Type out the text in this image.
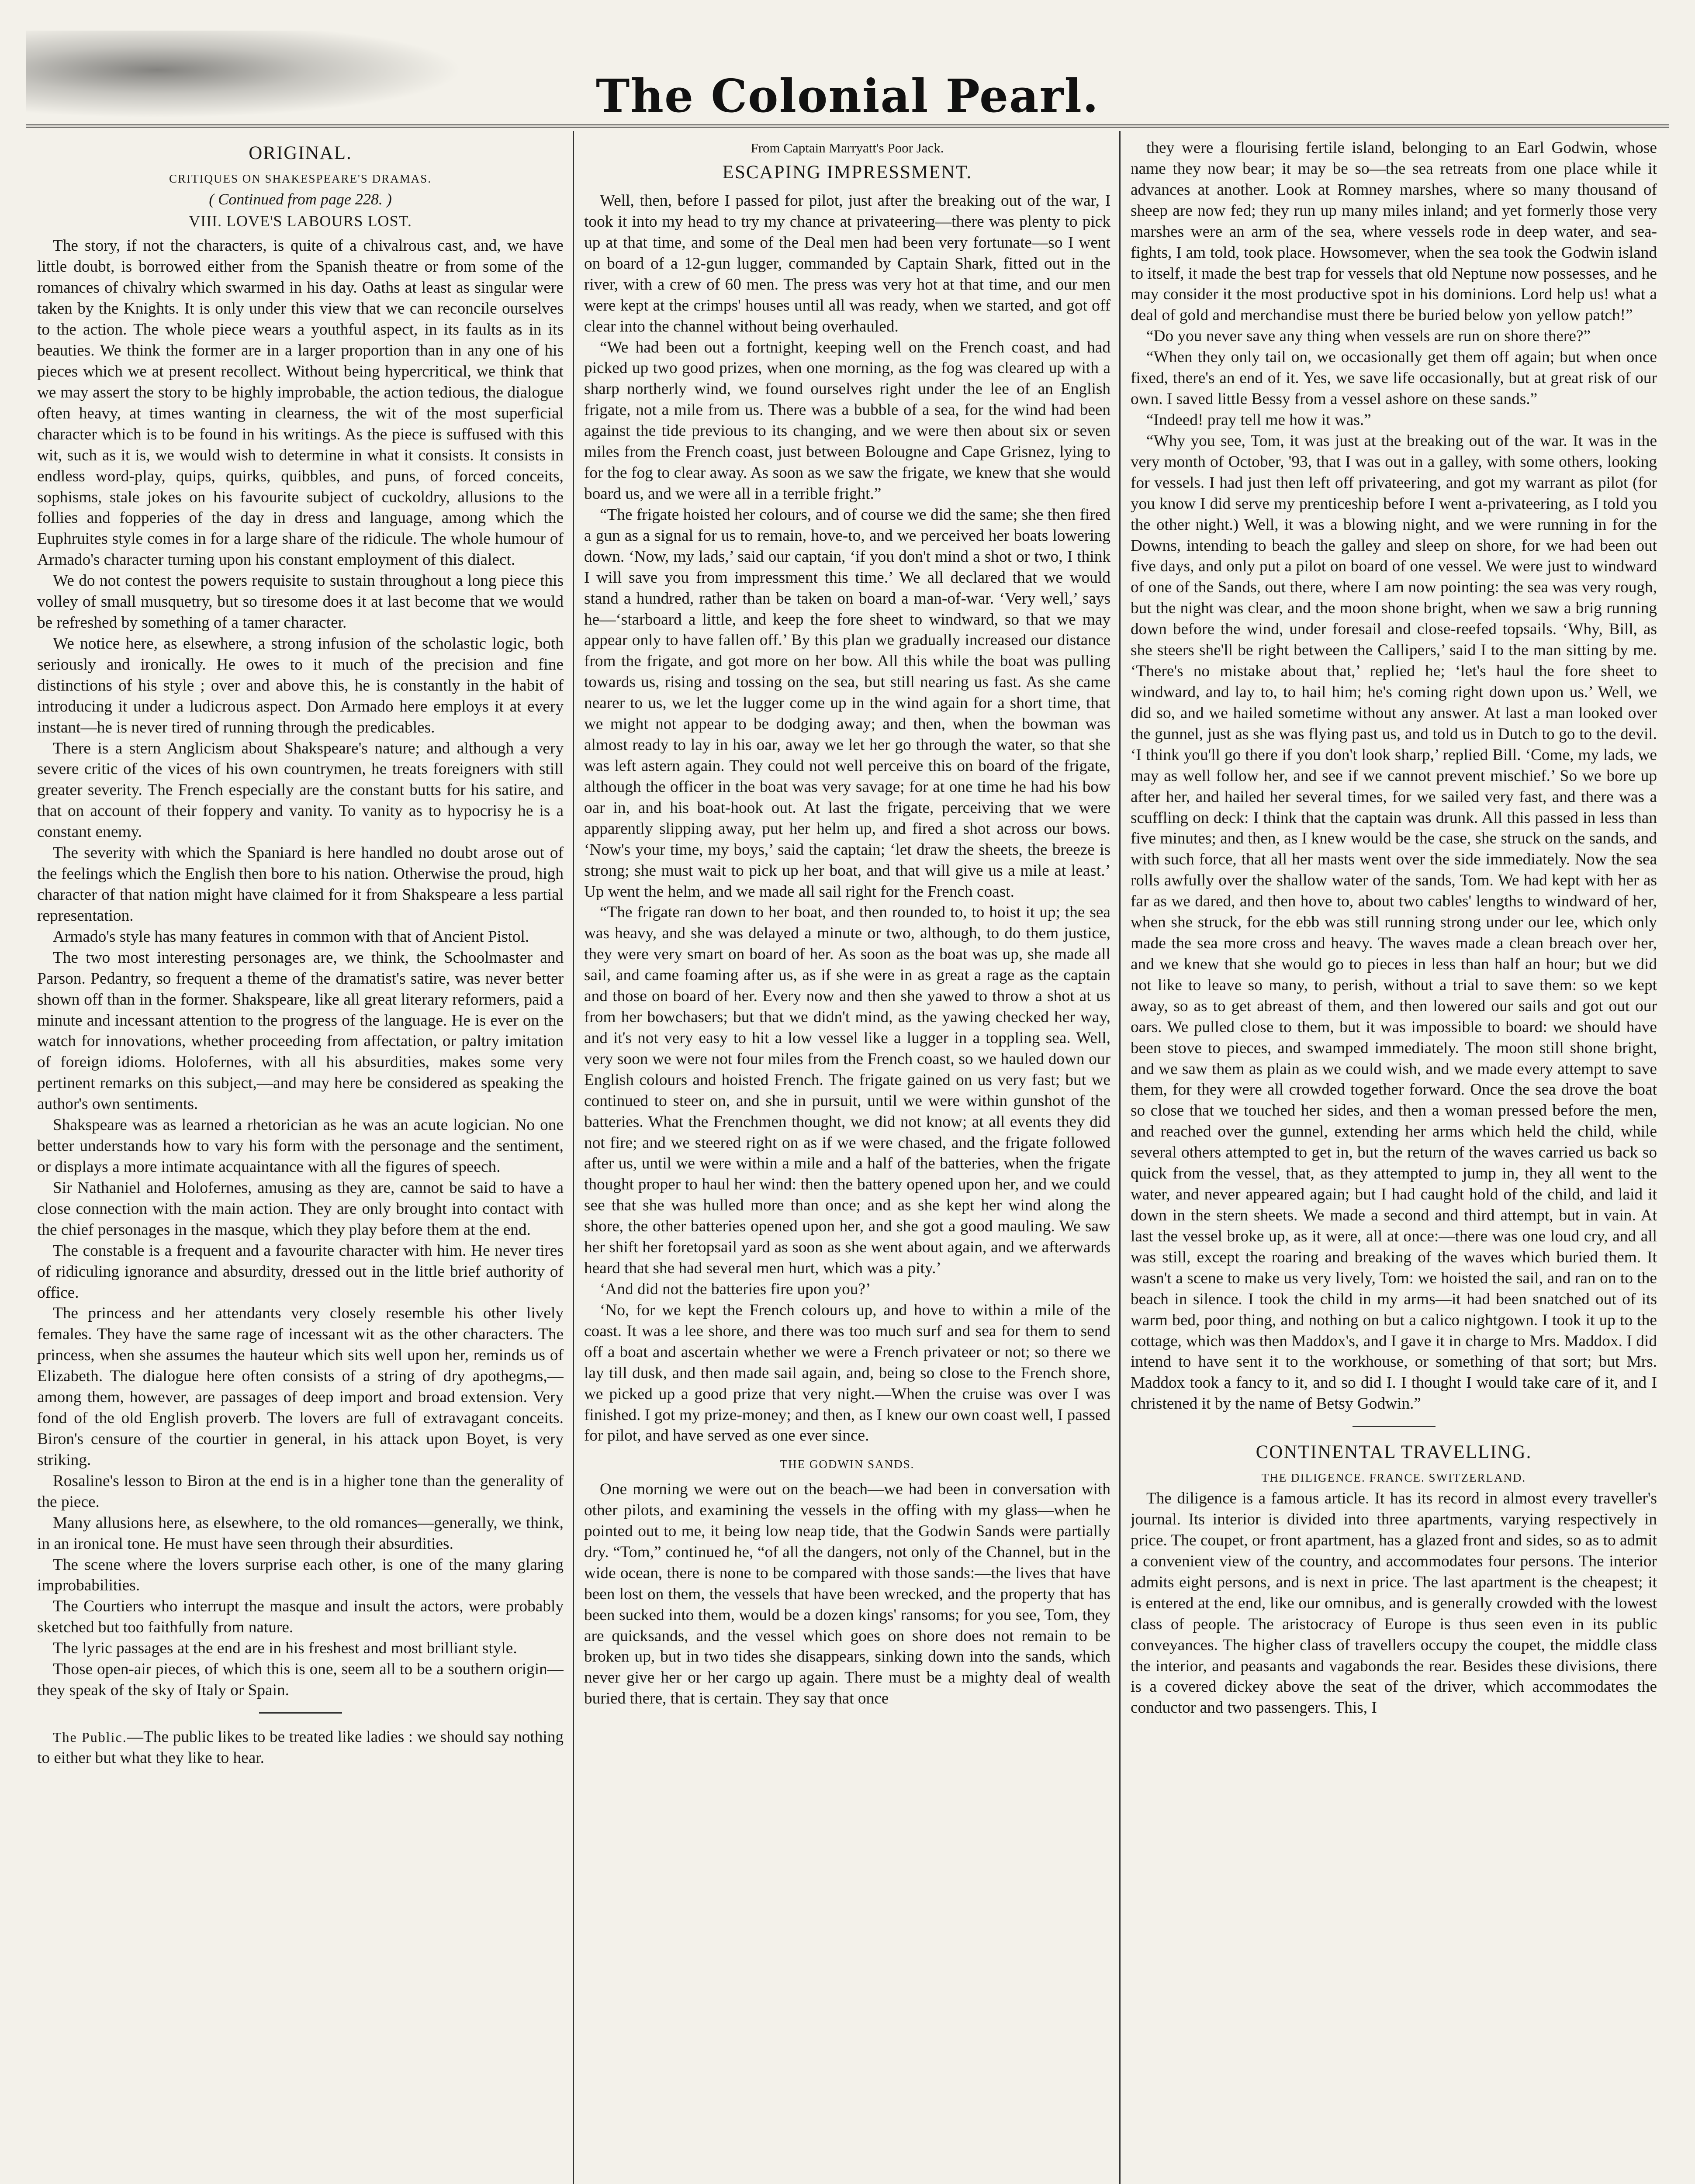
The Colonial Pearl.
ORIGINAL.
CRITIQUES ON SHAKESPEARE'S DRAMAS.
( Continued from page 228. )
VIII. LOVE'S LABOURS LOST.

The story, if not the characters, is quite of a chivalrous cast, and, we have little doubt, is borrowed either from the Spanish theatre or from some of the romances of chivalry which swarmed in his day. Oaths at least as singular were taken by the Knights. It is only under this view that we can reconcile ourselves to the action. The whole piece wears a youthful aspect, in its faults as in its beauties. We think the former are in a larger proportion than in any one of his pieces which we at present recollect. Without being hypercritical, we think that we may assert the story to be highly improbable, the action tedious, the dialogue often heavy, at times wanting in clearness, the wit of the most superficial character which is to be found in his writings. As the piece is suffused with this wit, such as it is, we would wish to determine in what it consists. It consists in endless word-play, quips, quirks, quibbles, and puns, of forced conceits, sophisms, stale jokes on his favourite subject of cuckoldry, allusions to the follies and fopperies of the day in dress and language, among which the Euphruites style comes in for a large share of the ridicule. The whole humour of Armado's character turning upon his constant employment of this dialect.

We do not contest the powers requisite to sustain throughout a long piece this volley of small musquetry, but so tiresome does it at last become that we would be refreshed by something of a tamer character.

We notice here, as elsewhere, a strong infusion of the scholastic logic, both seriously and ironically. He owes to it much of the precision and fine distinctions of his style ; over and above this, he is constantly in the habit of introducing it under a ludicrous aspect. Don Armado here employs it at every instant—he is never tired of running through the predicables.

There is a stern Anglicism about Shakspeare's nature; and although a very severe critic of the vices of his own countrymen, he treats foreigners with still greater severity. The French especially are the constant butts for his satire, and that on account of their foppery and vanity. To vanity as to hypocrisy he is a constant enemy.

The severity with which the Spaniard is here handled no doubt arose out of the feelings which the English then bore to his nation. Otherwise the proud, high character of that nation might have claimed for it from Shakspeare a less partial representation.

Armado's style has many features in common with that of Ancient Pistol.

The two most interesting personages are, we think, the Schoolmaster and Parson. Pedantry, so frequent a theme of the dramatist's satire, was never better shown off than in the former. Shakspeare, like all great literary reformers, paid a minute and incessant attention to the progress of the language. He is ever on the watch for innovations, whether proceeding from affectation, or paltry imitation of foreign idioms. Holofernes, with all his absurdities, makes some very pertinent remarks on this subject,—and may here be considered as speaking the author's own sentiments.

Shakspeare was as learned a rhetorician as he was an acute logician. No one better understands how to vary his form with the personage and the sentiment, or displays a more intimate acquaintance with all the figures of speech.

Sir Nathaniel and Holofernes, amusing as they are, cannot be said to have a close connection with the main action. They are only brought into contact with the chief personages in the masque, which they play before them at the end.

The constable is a frequent and a favourite character with him. He never tires of ridiculing ignorance and absurdity, dressed out in the little brief authority of office.

The princess and her attendants very closely resemble his other lively females. They have the same rage of incessant wit as the other characters. The princess, when she assumes the hauteur which sits well upon her, reminds us of Elizabeth. The dialogue here often consists of a string of dry apothegms,—among them, however, are passages of deep import and broad extension. Very fond of the old English proverb. The lovers are full of extravagant conceits. Biron's censure of the courtier in general, in his attack upon Boyet, is very striking.

Rosaline's lesson to Biron at the end is in a higher tone than the generality of the piece.

Many allusions here, as elsewhere, to the old romances—generally, we think, in an ironical tone. He must have seen through their absurdities.

The scene where the lovers surprise each other, is one of the many glaring improbabilities.

The Courtiers who interrupt the masque and insult the actors, were probably sketched but too faithfully from nature.

The lyric passages at the end are in his freshest and most brilliant style.

Those open-air pieces, of which this is one, seem all to be a southern origin—they speak of the sky of Italy or Spain.

The Public.—The public likes to be treated like ladies : we should say nothing to either but what they like to hear.

From Captain Marryatt's Poor Jack.
ESCAPING IMPRESSMENT.

Well, then, before I passed for pilot, just after the breaking out of the war, I took it into my head to try my chance at privateering—there was plenty to pick up at that time, and some of the Deal men had been very fortunate—so I went on board of a 12-gun lugger, commanded by Captain Shark, fitted out in the river, with a crew of 60 men. The press was very hot at that time, and our men were kept at the crimps' houses until all was ready, when we started, and got off clear into the channel without being overhauled.

“We had been out a fortnight, keeping well on the French coast, and had picked up two good prizes, when one morning, as the fog was cleared up with a sharp northerly wind, we found ourselves right under the lee of an English frigate, not a mile from us. There was a bubble of a sea, for the wind had been against the tide previous to its changing, and we were then about six or seven miles from the French coast, just between Bolougne and Cape Grisnez, lying to for the fog to clear away. As soon as we saw the frigate, we knew that she would board us, and we were all in a terrible fright.”

“The frigate hoisted her colours, and of course we did the same; she then fired a gun as a signal for us to remain, hove-to, and we perceived her boats lowering down. ‘Now, my lads,’ said our captain, ‘if you don't mind a shot or two, I think I will save you from impressment this time.’ We all declared that we would stand a hundred, rather than be taken on board a man-of-war. ‘Very well,’ says he—‘starboard a little, and keep the fore sheet to windward, so that we may appear only to have fallen off.’ By this plan we gradually increased our distance from the frigate, and got more on her bow. All this while the boat was pulling towards us, rising and tossing on the sea, but still nearing us fast. As she came nearer to us, we let the lugger come up in the wind again for a short time, that we might not appear to be dodging away; and then, when the bowman was almost ready to lay in his oar, away we let her go through the water, so that she was left astern again. They could not well perceive this on board of the frigate, although the officer in the boat was very savage; for at one time he had his bow oar in, and his boat-hook out. At last the frigate, perceiving that we were apparently slipping away, put her helm up, and fired a shot across our bows. ‘Now's your time, my boys,’ said the captain; ‘let draw the sheets, the breeze is strong; she must wait to pick up her boat, and that will give us a mile at least.’ Up went the helm, and we made all sail right for the French coast.

“The frigate ran down to her boat, and then rounded to, to hoist it up; the sea was heavy, and she was delayed a minute or two, although, to do them justice, they were very smart on board of her. As soon as the boat was up, she made all sail, and came foaming after us, as if she were in as great a rage as the captain and those on board of her. Every now and then she yawed to throw a shot at us from her bowchasers; but that we didn't mind, as the yawing checked her way, and it's not very easy to hit a low vessel like a lugger in a toppling sea. Well, very soon we were not four miles from the French coast, so we hauled down our English colours and hoisted French. The frigate gained on us very fast; but we continued to steer on, and she in pursuit, until we were within gunshot of the batteries. What the Frenchmen thought, we did not know; at all events they did not fire; and we steered right on as if we were chased, and the frigate followed after us, until we were within a mile and a half of the batteries, when the frigate thought proper to haul her wind: then the battery opened upon her, and we could see that she was hulled more than once; and as she kept her wind along the shore, the other batteries opened upon her, and she got a good mauling. We saw her shift her foretopsail yard as soon as she went about again, and we afterwards heard that she had several men hurt, which was a pity.’

‘And did not the batteries fire upon you?’

‘No, for we kept the French colours up, and hove to within a mile of the coast. It was a lee shore, and there was too much surf and sea for them to send off a boat and ascertain whether we were a French privateer or not; so there we lay till dusk, and then made sail again, and, being so close to the French shore, we picked up a good prize that very night.—When the cruise was over I was finished. I got my prize-money; and then, as I knew our own coast well, I passed for pilot, and have served as one ever since.

THE GODWIN SANDS.

One morning we were out on the beach—we had been in conversation with other pilots, and examining the vessels in the offing with my glass—when he pointed out to me, it being low neap tide, that the Godwin Sands were partially dry. “Tom,” continued he, “of all the dangers, not only of the Channel, but in the wide ocean, there is none to be compared with those sands:—the lives that have been lost on them, the vessels that have been wrecked, and the property that has been sucked into them, would be a dozen kings' ransoms; for you see, Tom, they are quicksands, and the vessel which goes on shore does not remain to be broken up, but in two tides she disappears, sinking down into the sands, which never give her or her cargo up again. There must be a mighty deal of wealth buried there, that is certain. They say that once

they were a flourising fertile island, belonging to an Earl Godwin, whose name they now bear; it may be so—the sea retreats from one place while it advances at another. Look at Romney marshes, where so many thousand of sheep are now fed; they run up many miles inland; and yet formerly those very marshes were an arm of the sea, where vessels rode in deep water, and sea-fights, I am told, took place. Howsomever, when the sea took the Godwin island to itself, it made the best trap for vessels that old Neptune now possesses, and he may consider it the most productive spot in his dominions. Lord help us! what a deal of gold and merchandise must there be buried below yon yellow patch!”

“Do you never save any thing when vessels are run on shore there?”

“When they only tail on, we occasionally get them off again; but when once fixed, there's an end of it. Yes, we save life occasionally, but at great risk of our own. I saved little Bessy from a vessel ashore on these sands.”

“Indeed! pray tell me how it was.”

“Why you see, Tom, it was just at the breaking out of the war. It was in the very month of October, '93, that I was out in a galley, with some others, looking for vessels. I had just then left off privateering, and got my warrant as pilot (for you know I did serve my prenticeship before I went a-privateering, as I told you the other night.) Well, it was a blowing night, and we were running in for the Downs, intending to beach the galley and sleep on shore, for we had been out five days, and only put a pilot on board of one vessel. We were just to windward of one of the Sands, out there, where I am now pointing: the sea was very rough, but the night was clear, and the moon shone bright, when we saw a brig running down before the wind, under foresail and close-reefed topsails. ‘Why, Bill, as she steers she'll be right between the Callipers,’ said I to the man sitting by me. ‘There's no mistake about that,’ replied he; ‘let's haul the fore sheet to windward, and lay to, to hail him; he's coming right down upon us.’ Well, we did so, and we hailed sometime without any answer. At last a man looked over the gunnel, just as she was flying past us, and told us in Dutch to go to the devil. ‘I think you'll go there if you don't look sharp,’ replied Bill. ‘Come, my lads, we may as well follow her, and see if we cannot prevent mischief.’ So we bore up after her, and hailed her several times, for we sailed very fast, and there was a scuffling on deck: I think that the captain was drunk. All this passed in less than five minutes; and then, as I knew would be the case, she struck on the sands, and with such force, that all her masts went over the side immediately. Now the sea rolls awfully over the shallow water of the sands, Tom. We had kept with her as far as we dared, and then hove to, about two cables' lengths to windward of her, when she struck, for the ebb was still running strong under our lee, which only made the sea more cross and heavy. The waves made a clean breach over her, and we knew that she would go to pieces in less than half an hour; but we did not like to leave so many, to perish, without a trial to save them: so we kept away, so as to get abreast of them, and then lowered our sails and got out our oars. We pulled close to them, but it was impossible to board: we should have been stove to pieces, and swamped immediately. The moon still shone bright, and we saw them as plain as we could wish, and we made every attempt to save them, for they were all crowded together forward. Once the sea drove the boat so close that we touched her sides, and then a woman pressed before the men, and reached over the gunnel, extending her arms which held the child, while several others attempted to get in, but the return of the waves carried us back so quick from the vessel, that, as they attempted to jump in, they all went to the water, and never appeared again; but I had caught hold of the child, and laid it down in the stern sheets. We made a second and third attempt, but in vain. At last the vessel broke up, as it were, all at once:—there was one loud cry, and all was still, except the roaring and breaking of the waves which buried them. It wasn't a scene to make us very lively, Tom: we hoisted the sail, and ran on to the beach in silence. I took the child in my arms—it had been snatched out of its warm bed, poor thing, and nothing on but a calico nightgown. I took it up to the cottage, which was then Maddox's, and I gave it in charge to Mrs. Maddox. I did intend to have sent it to the workhouse, or something of that sort; but Mrs. Maddox took a fancy to it, and so did I. I thought I would take care of it, and I christened it by the name of Betsy Godwin.”

CONTINENTAL TRAVELLING.
THE DILIGENCE. FRANCE. SWITZERLAND.

The diligence is a famous article. It has its record in almost every traveller's journal. Its interior is divided into three apartments, varying respectively in price. The coupet, or front apartment, has a glazed front and sides, so as to admit a convenient view of the country, and accommodates four persons. The interior admits eight persons, and is next in price. The last apartment is the cheapest; it is entered at the end, like our omnibus, and is generally crowded with the lowest class of people. The aristocracy of Europe is thus seen even in its public conveyances. The higher class of travellers occupy the coupet, the middle class the interior, and peasants and vagabonds the rear. Besides these divisions, there is a covered dickey above the seat of the driver, which accommodates the conductor and two passengers. This, I
